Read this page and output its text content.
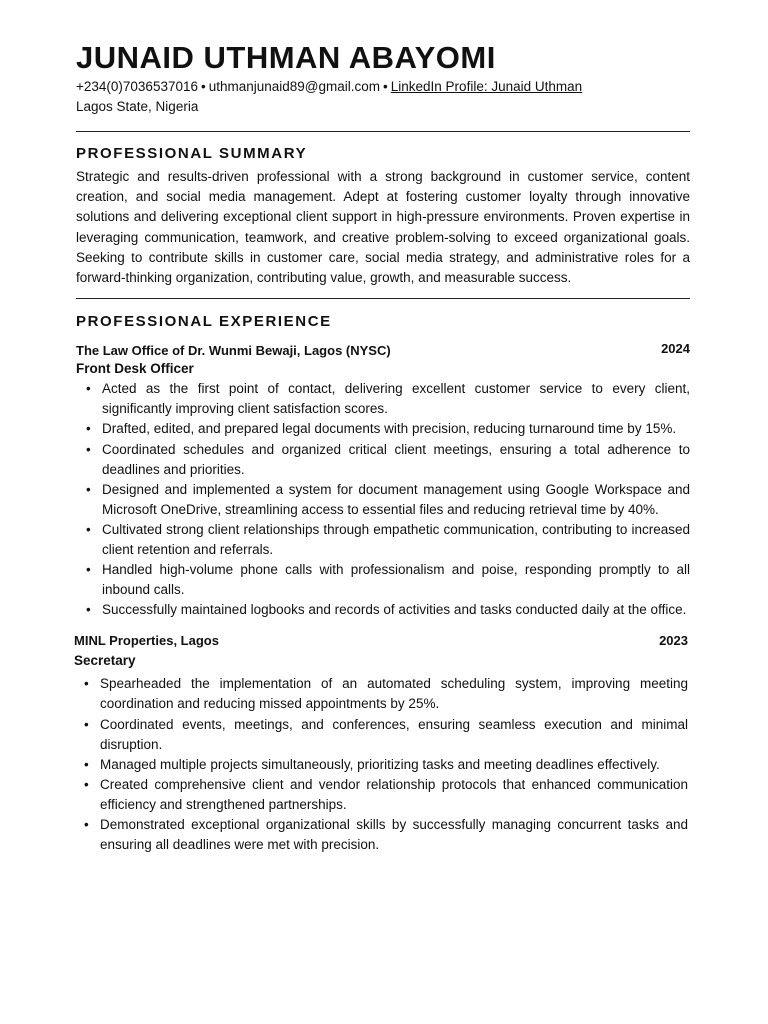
JUNAID UTHMAN ABAYOMI
+234(0)7036537016 • uthmanjunaid89@gmail.com • LinkedIn Profile: Junaid Uthman
Lagos State, Nigeria
PROFESSIONAL SUMMARY

Strategic and results-driven professional with a strong background in customer service, content creation, and social media management. Adept at fostering customer loyalty through innovative solutions and delivering exceptional client support in high-pressure environments. Proven expertise in leveraging communication, teamwork, and creative problem-solving to exceed organizational goals. Seeking to contribute skills in customer care, social media strategy, and administrative roles for a forward-thinking organization, contributing value, growth, and measurable success.

PROFESSIONAL EXPERIENCE
The Law Office of Dr. Wunmi Bewaji, Lagos (NYSC)	2024
Front Desk Officer
• Acted as the first point of contact, delivering excellent customer service to every client, significantly improving client satisfaction scores.
• Drafted, edited, and prepared legal documents with precision, reducing turnaround time by 15%.
• Coordinated schedules and organized critical client meetings, ensuring a total adherence to deadlines and priorities.
• Designed and implemented a system for document management using Google Workspace and Microsoft OneDrive, streamlining access to essential files and reducing retrieval time by 40%.
• Cultivated strong client relationships through empathetic communication, contributing to increased client retention and referrals.
• Handled high-volume phone calls with professionalism and poise, responding promptly to all inbound calls.
• Successfully maintained logbooks and records of activities and tasks conducted daily at the office.
MINL Properties, Lagos	2023
Secretary
• Spearheaded the implementation of an automated scheduling system, improving meeting coordination and reducing missed appointments by 25%.
• Coordinated events, meetings, and conferences, ensuring seamless execution and minimal disruption.
• Managed multiple projects simultaneously, prioritizing tasks and meeting deadlines effectively.
• Created comprehensive client and vendor relationship protocols that enhanced communication efficiency and strengthened partnerships.
• Demonstrated exceptional organizational skills by successfully managing concurrent tasks and ensuring all deadlines were met with precision.
